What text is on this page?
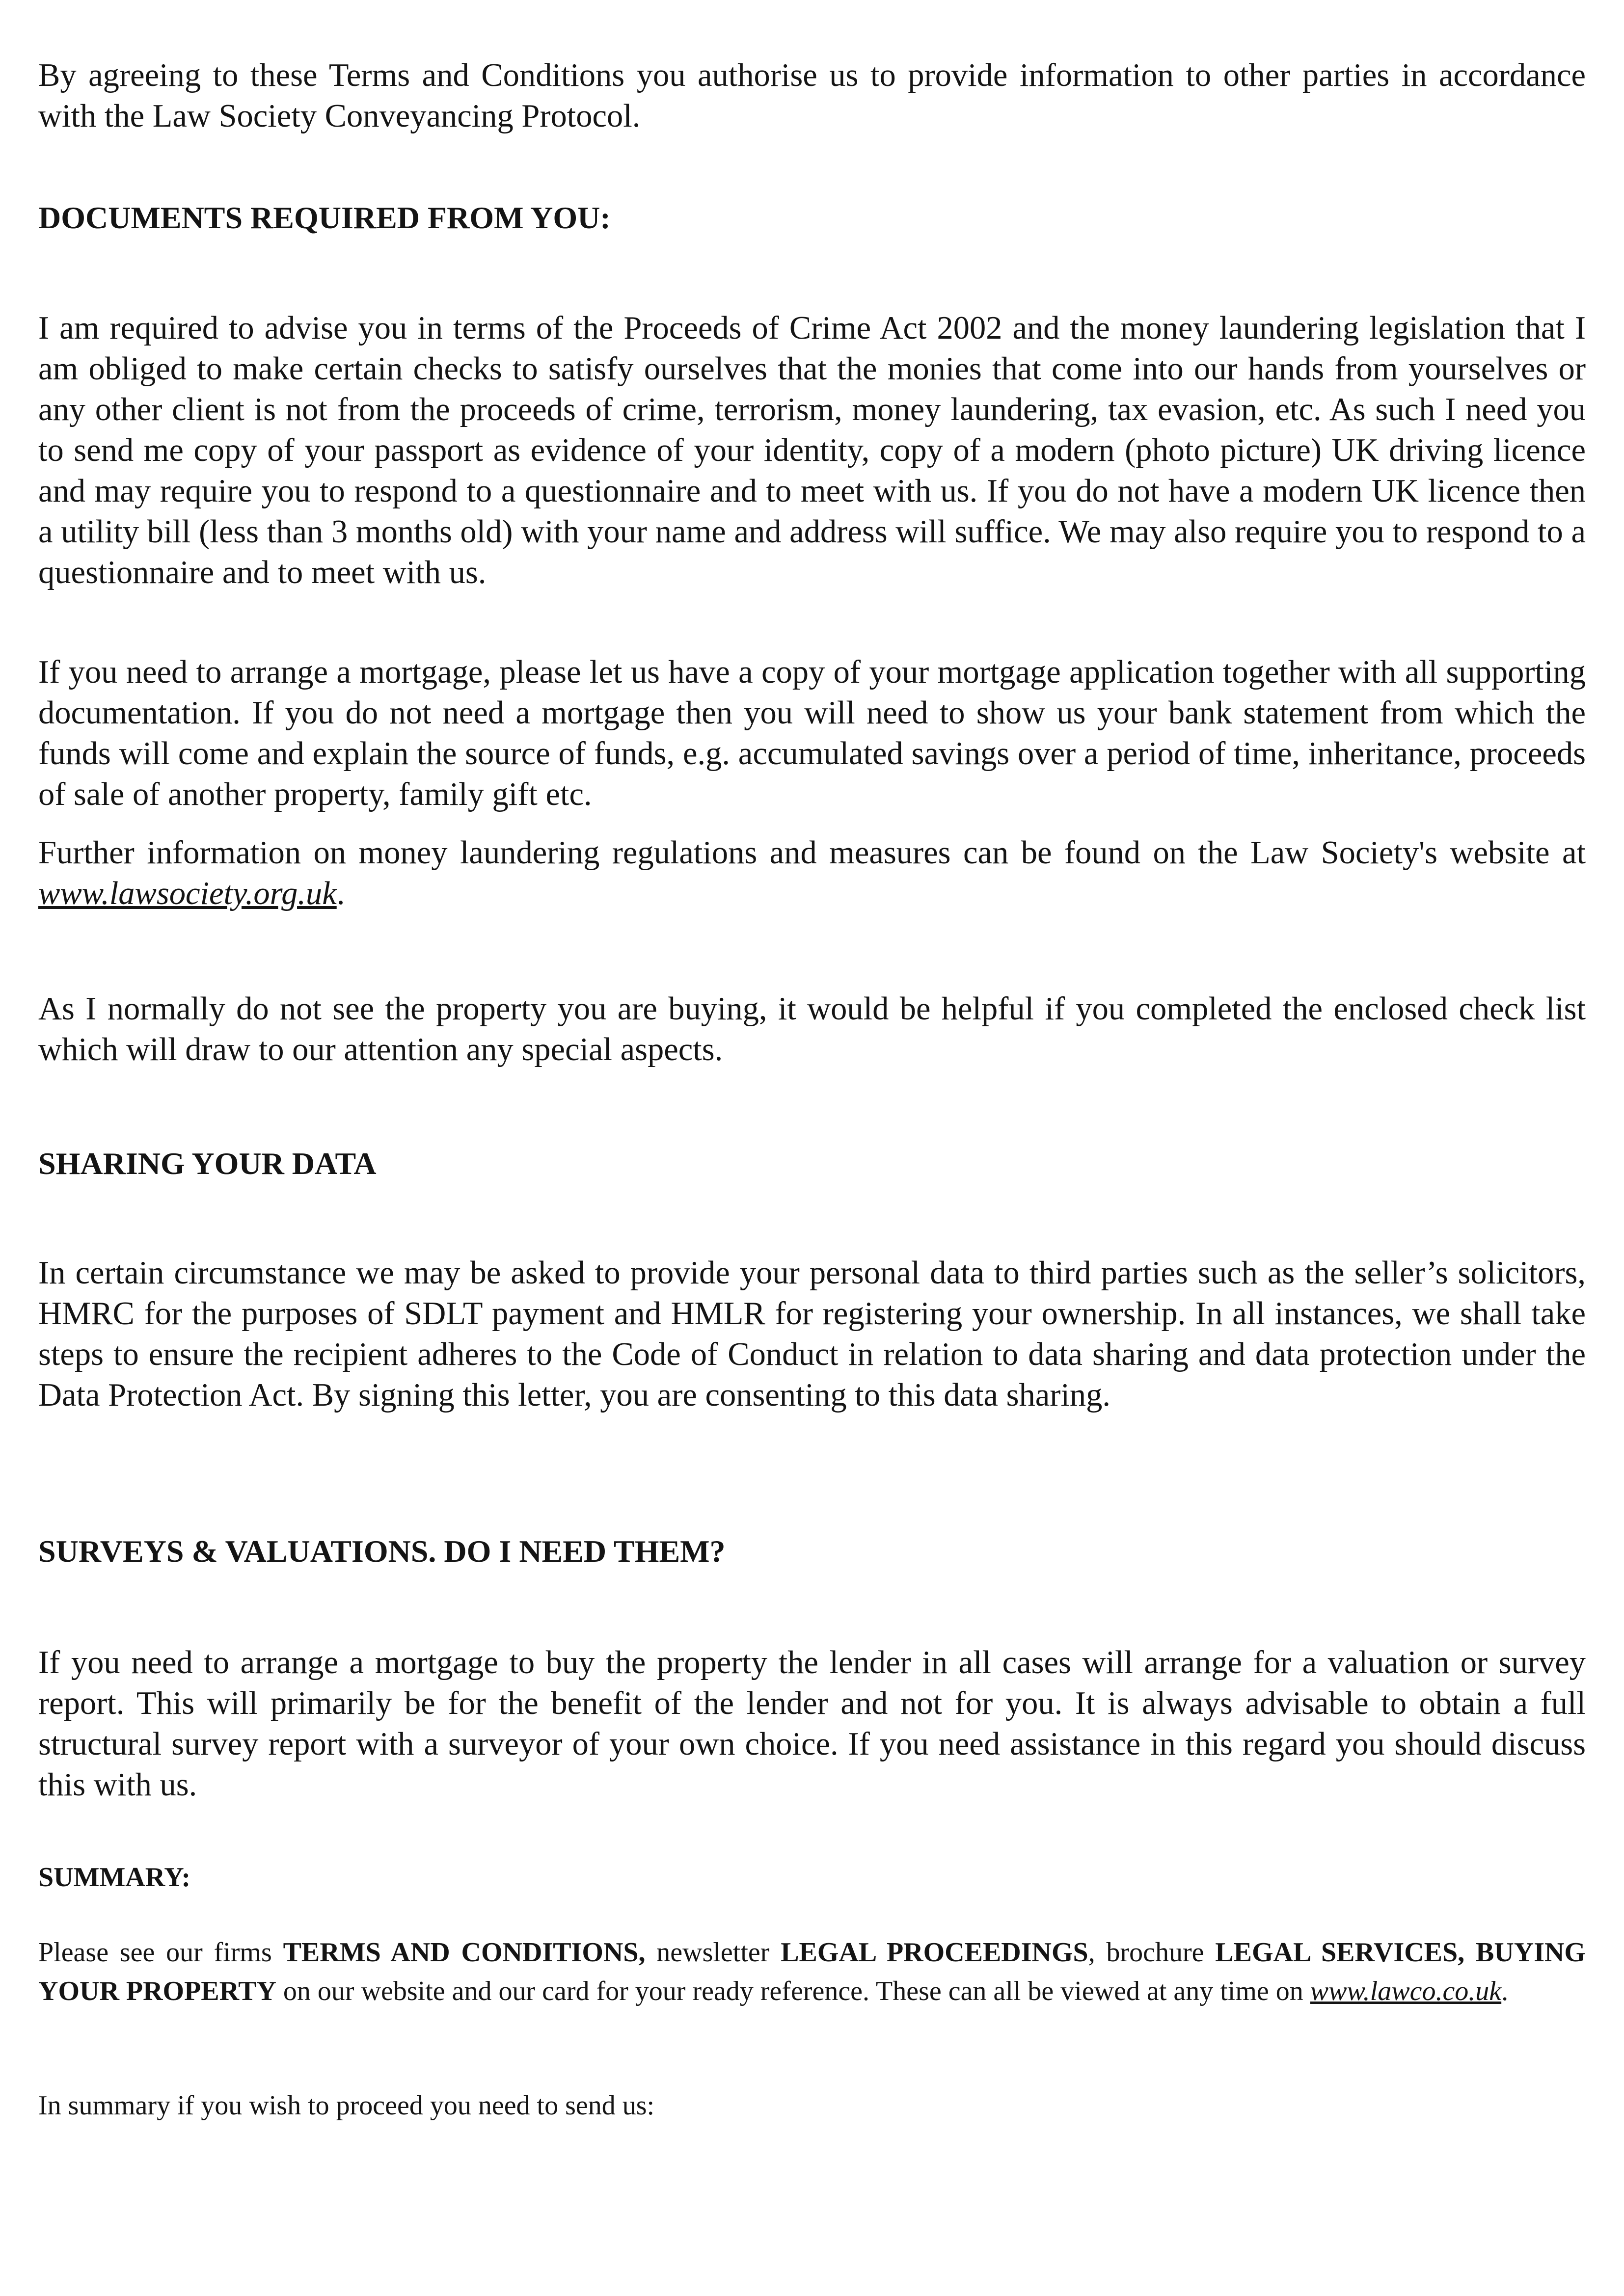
By agreeing to these Terms and Conditions you authorise us to provide information to other parties in accordance with the Law Society Conveyancing Protocol.

DOCUMENTS REQUIRED FROM YOU:

I am required to advise you in terms of the Proceeds of Crime Act 2002 and the money laundering legislation that I am obliged to make certain checks to satisfy ourselves that the monies that come into our hands from yourselves or any other client is not from the proceeds of crime, terrorism, money laundering, tax evasion, etc. As such I need you to send me copy of your passport as evidence of your identity, copy of a modern (photo picture) UK driving licence and may require you to respond to a questionnaire and to meet with us. If you do not have a modern UK licence then a utility bill (less than 3 months old) with your name and address will suffice. We may also require you to respond to a questionnaire and to meet with us.

If you need to arrange a mortgage, please let us have a copy of your mortgage application together with all supporting documentation. If you do not need a mortgage then you will need to show us your bank statement from which the funds will come and explain the source of funds, e.g. accumulated savings over a period of time, inheritance, proceeds of sale of another property, family gift etc.

Further information on money laundering regulations and measures can be found on the Law Society's website at www.lawsociety.org.uk.

As I normally do not see the property you are buying, it would be helpful if you completed the enclosed check list which will draw to our attention any special aspects.

SHARING YOUR DATA

In certain circumstance we may be asked to provide your personal data to third parties such as the seller’s solicitors, HMRC for the purposes of SDLT payment and HMLR for registering your ownership. In all instances, we shall take steps to ensure the recipient adheres to the Code of Conduct in relation to data sharing and data protection under the Data Protection Act. By signing this letter, you are consenting to this data sharing.

SURVEYS & VALUATIONS. DO I NEED THEM?

If you need to arrange a mortgage to buy the property the lender in all cases will arrange for a valuation or survey report. This will primarily be for the benefit of the lender and not for you. It is always advisable to obtain a full structural survey report with a surveyor of your own choice. If you need assistance in this regard you should discuss this with us.

SUMMARY:

Please see our firms TERMS AND CONDITIONS, newsletter LEGAL PROCEEDINGS, brochure LEGAL SERVICES, BUYING YOUR PROPERTY on our website and our card for your ready reference. These can all be viewed at any time on www.lawco.co.uk.

In summary if you wish to proceed you need to send us:
